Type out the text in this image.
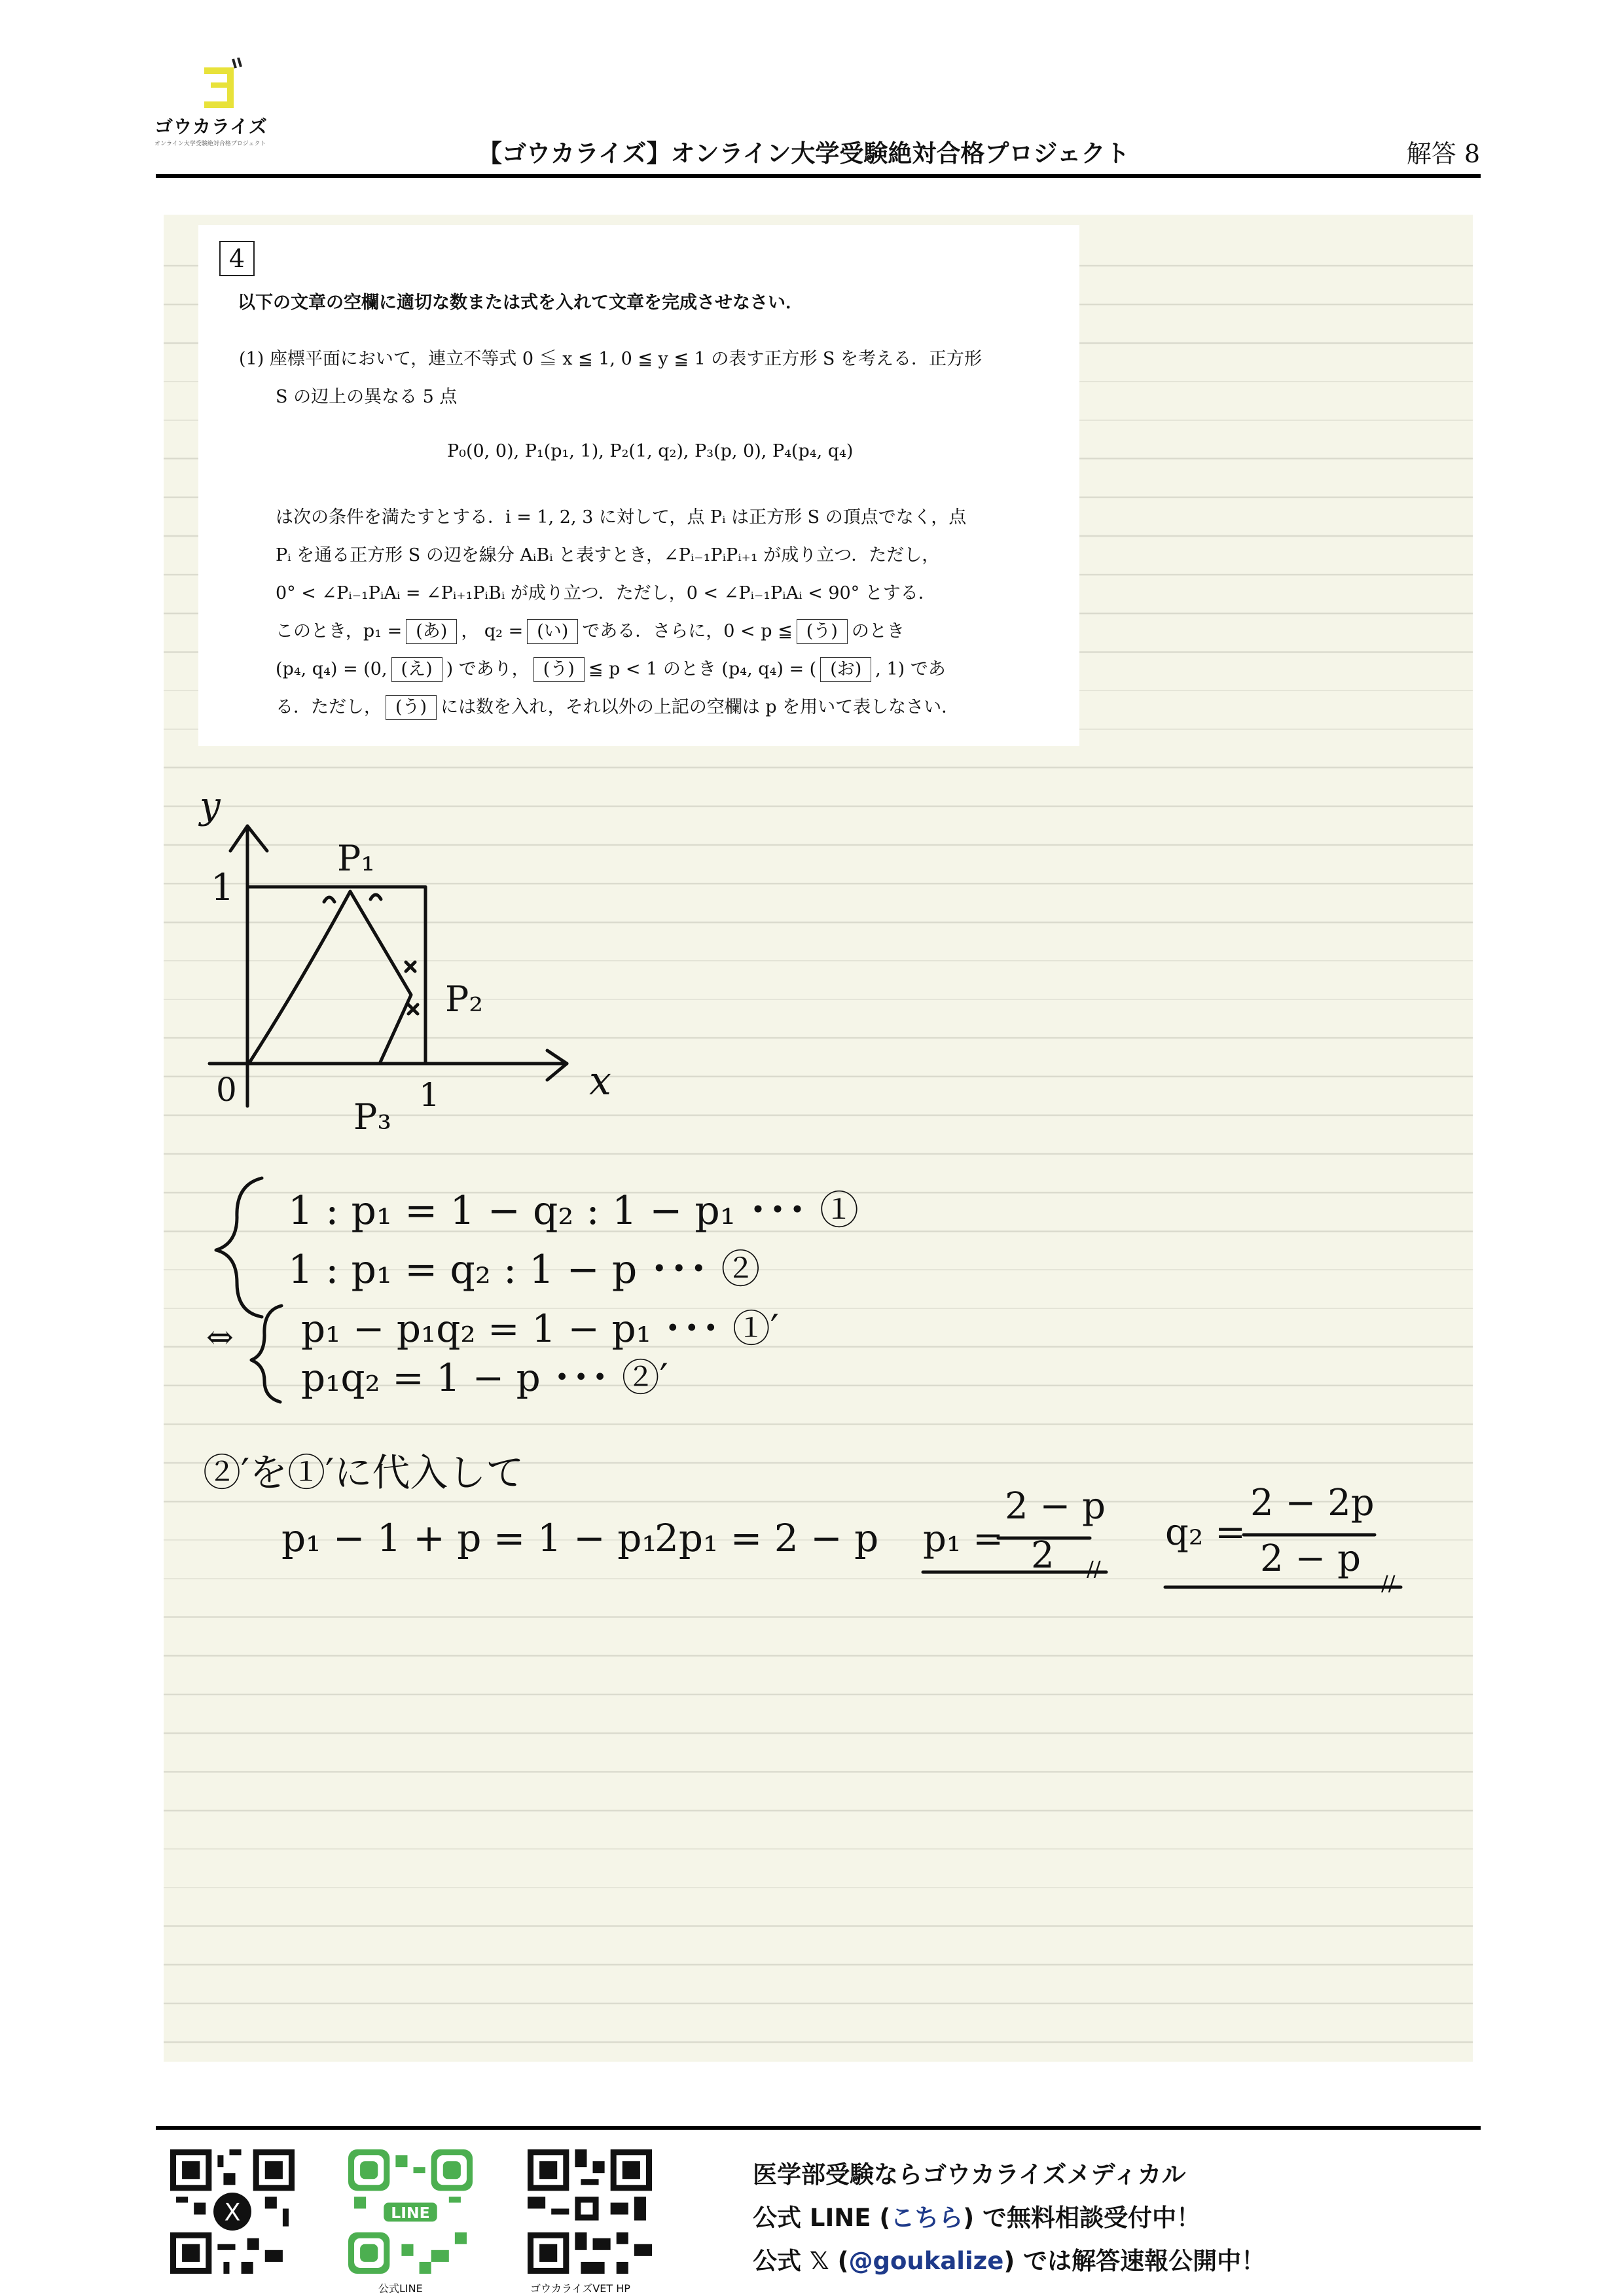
ゴウカライズ
オンライン大学受験絶対合格プロジェクト	【ゴウカライズ】オンライン大学受験絶対合格プロジェクト	解答 8
4
以下の文章の空欄に適切な数または式を入れて文章を完成させなさい．
(1) 座標平面において，連立不等式 0 ≦ x ≦ 1, 0 ≦ y ≦ 1 の表す正方形 S を考える．正方形
S の辺上の異なる 5 点
P₀(0, 0), P₁(p₁, 1), P₂(1, q₂), P₃(p, 0), P₄(p₄, q₄)
は次の条件を満たすとする．i = 1, 2, 3 に対して，点 Pᵢ は正方形 S の頂点でなく，点
Pᵢ を通る正方形 S の辺を線分 AᵢBᵢ と表すとき，∠Pᵢ₋₁PᵢPᵢ₊₁ が成り立つ．ただし，
0° < ∠Pᵢ₋₁PᵢAᵢ = ∠Pᵢ₊₁PᵢBᵢ が成り立つ．ただし，0 < ∠Pᵢ₋₁PᵢAᵢ < 90° とする．
このとき，p₁ = (あ) ， q₂ = (い) である．さらに，0 < p ≦ (う) のとき
(p₄, q₄) = (0, (え) ) であり， (う) ≦ p < 1 のとき (p₄, q₄) = ( (お) , 1) であ
る．ただし， (う) には数を入れ，それ以外の上記の空欄は p を用いて表しなさい．
y
x
0
1
1
P₁
P₂
P₃
1 : p₁ = 1 − q₂ : 1 − p₁ ･･･ ①
1 : p₁ = q₂ : 1 − p ･･･ ②
⇔ p₁ − p₁q₂ = 1 − p₁ ･･･ ①′
p₁q₂ = 1 − p ･･･ ②′
②′を①′に代入して
p₁ − 1 + p = 1 − p₁
2p₁ = 2 − p p₁ =
2 − p
2 //
q₂ =
2 − 2p
2 − p
//
X	LINE
公式LINE	ゴウカライズVET HP
医学部受験ならゴウカライズメディカル
公式 LINE (こちら) で無料相談受付中！
公式 𝕏 (@goukalize) では解答速報公開中！
